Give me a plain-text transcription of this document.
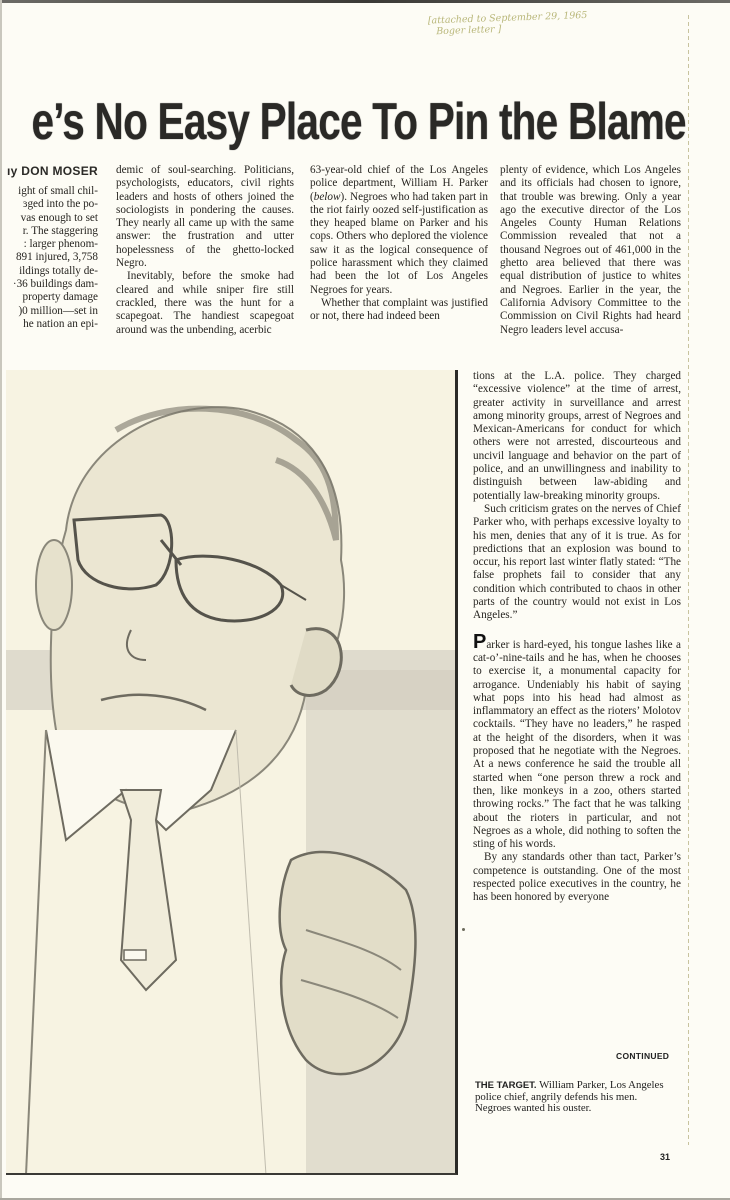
[attached to September 29, 1965
Boger letter ]
e’s No Easy Place To Pin the Blame
ıy DON MOSER
ight of small chil-
ɜged into the po-
vas enough to set
r. The staggering
: larger phenom-
891 injured, 3,758
ildings totally de-
·36 buildings dam-
property damage
)0 million—set in
he nation an epi-

demic of soul-searching. Politicians, psychologists, educators, civil rights leaders and hosts of others joined the sociologists in pondering the causes. They nearly all came up with the same answer: the frustration and utter hopelessness of the ghetto-locked Negro.

Inevitably, before the smoke had cleared and while sniper fire still crackled, there was the hunt for a scapegoat. The handiest scapegoat around was the unbending, acerbic

63-year-old chief of the Los Angeles police department, William H. Parker (below). Negroes who had taken part in the riot fairly oozed self-justification as they heaped blame on Parker and his cops. Others who deplored the violence saw it as the logical consequence of police harassment which they claimed had been the lot of Los Angeles Negroes for years.

Whether that complaint was justified or not, there had indeed been

plenty of evidence, which Los Angeles and its officials had chosen to ignore, that trouble was brewing. Only a year ago the executive director of the Los Angeles County Human Relations Commission revealed that not a thousand Negroes out of 461,000 in the ghetto area believed that there was equal distribution of justice to whites and Negroes. Earlier in the year, the California Advisory Committee to the Commission on Civil Rights had heard Negro leaders level accusa-

tions at the L.A. police. They charged “excessive violence” at the time of arrest, greater activity in surveillance and arrest among minority groups, arrest of Negroes and Mexican-Americans for conduct for which others were not arrested, discourteous and uncivil language and behavior on the part of police, and an unwillingness and inability to distinguish between law-abiding and potentially law-breaking minority groups.

Such criticism grates on the nerves of Chief Parker who, with perhaps excessive loyalty to his men, denies that any of it is true. As for predictions that an explosion was bound to occur, his report last winter flatly stated: “The false prophets fail to consider that any condition which contributed to chaos in other parts of the country would not exist in Los Angeles.”

Parker is hard-eyed, his tongue lashes like a cat-o’-nine-tails and he has, when he chooses to exercise it, a monumental capacity for arrogance. Undeniably his habit of saying what pops into his head had almost as inflammatory an effect as the rioters’ Molotov cocktails. “They have no leaders,” he rasped at the height of the disorders, when it was proposed that he negotiate with the Negroes. At a news conference he said the trouble all started when “one person threw a rock and then, like monkeys in a zoo, others started throwing rocks.” The fact that he was talking about the rioters in particular, and not Negroes as a whole, did nothing to soften the sting of his words.

By any standards other than tact, Parker’s competence is outstanding. One of the most respected police executives in the country, he has been honored by everyone

CONTINUED
THE TARGET. William Parker, Los Angeles police chief, angrily defends his men. Negroes wanted his ouster.
31
